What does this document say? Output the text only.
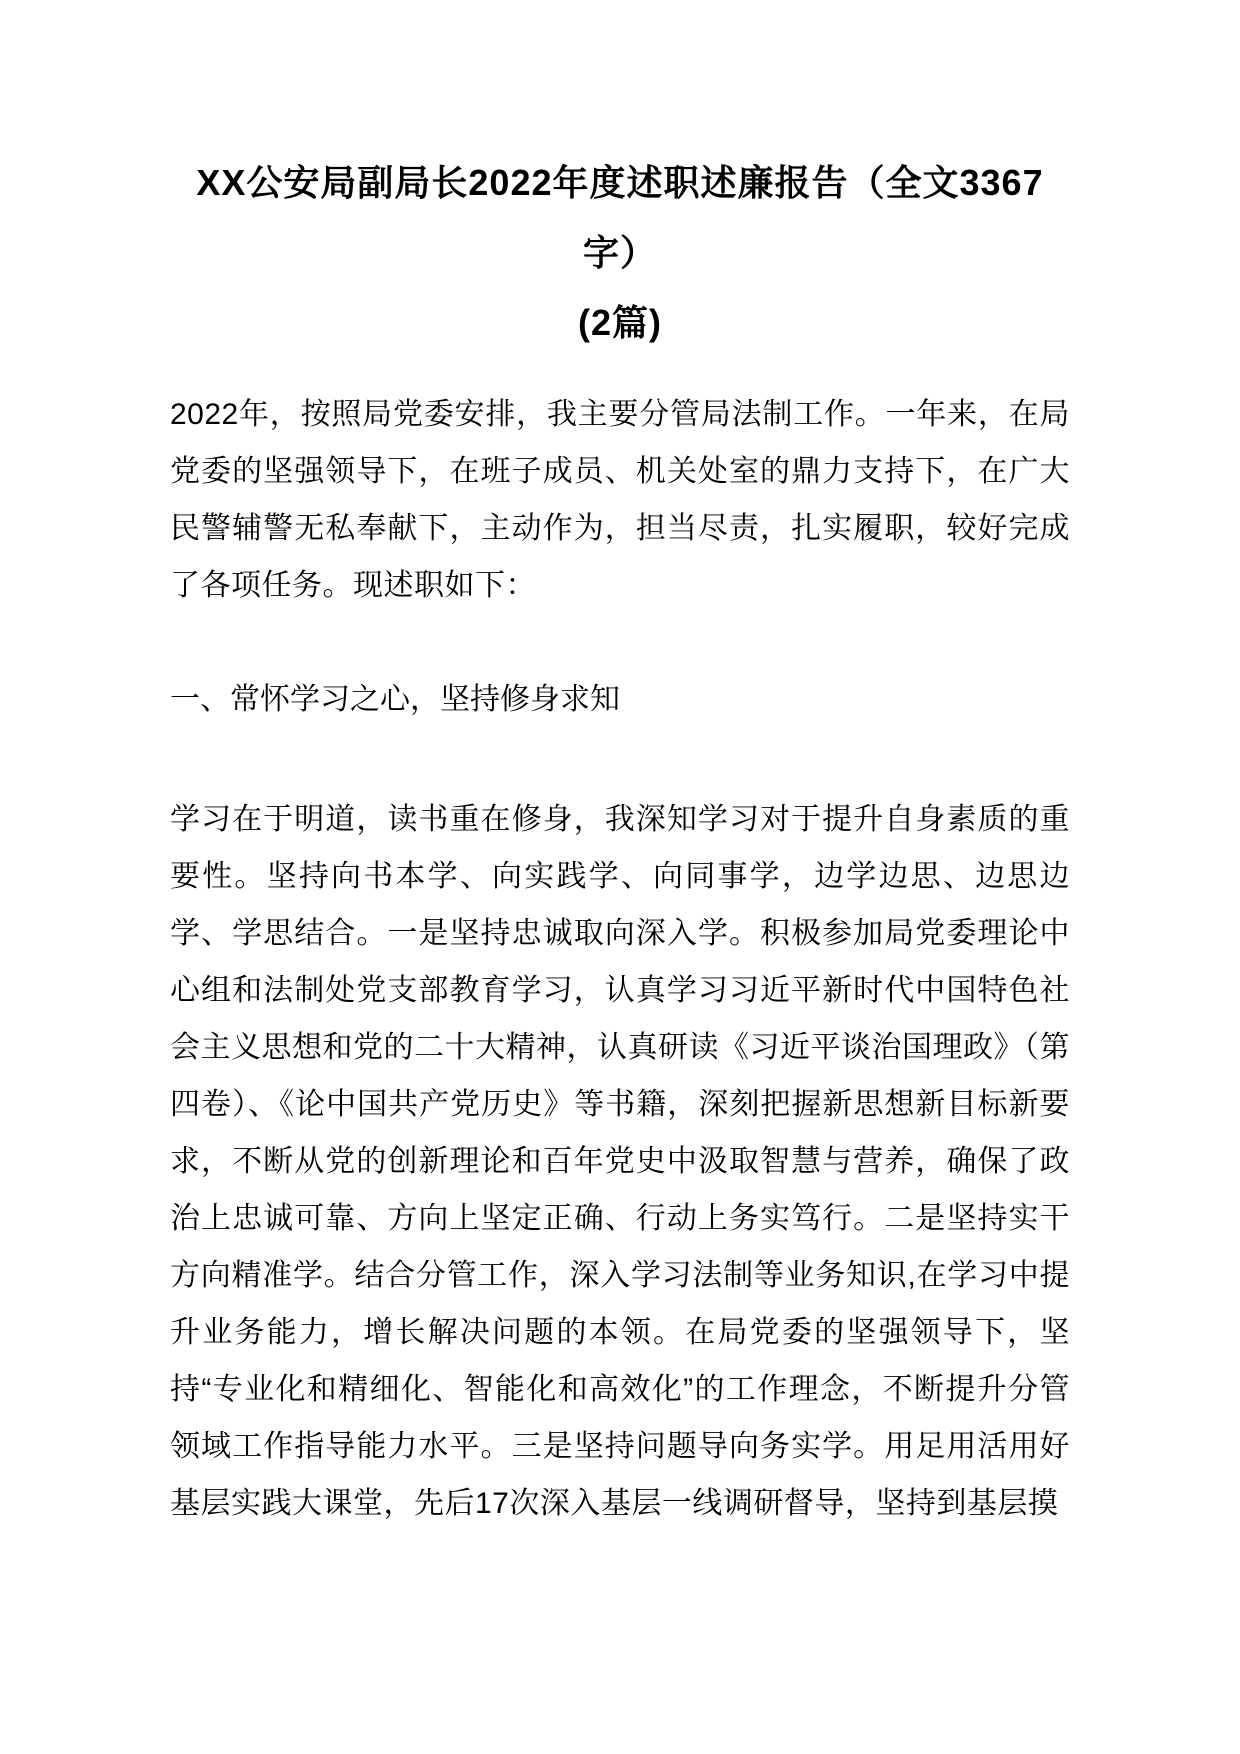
XX公安局副局长2022年度述职述廉报告（全文3367字）
(2篇)

2022年，按照局党委安排，我主要分管局法制工作。一年来，在局党委的坚强领导下，在班子成员、机关处室的鼎力支持下，在广大民警辅警无私奉献下，主动作为，担当尽责，扎实履职，较好完成了各项任务。现述职如下：

一、常怀学习之心，坚持修身求知

学习在于明道，读书重在修身，我深知学习对于提升自身素质的重要性。坚持向书本学、向实践学、向同事学，边学边思、边思边学、学思结合。一是坚持忠诚取向深入学。积极参加局党委理论中心组和法制处党支部教育学习，认真学习习近平新时代中国特色社会主义思想和党的二十大精神，认真研读《习近平谈治国理政》（第四卷）、《论中国共产党历史》等书籍，深刻把握新思想新目标新要求，不断从党的创新理论和百年党史中汲取智慧与营养，确保了政治上忠诚可靠、方向上坚定正确、行动上务实笃行。二是坚持实干方向精准学。结合分管工作，深入学习法制等业务知识,在学习中提升业务能力，增长解决问题的本领。在局党委的坚强领导下，坚持“专业化和精细化、智能化和高效化”的工作理念，不断提升分管领域工作指导能力水平。三是坚持问题导向务实学。用足用活用好基层实践大课堂，先后17次深入基层一线调研督导，坚持到基层摸
